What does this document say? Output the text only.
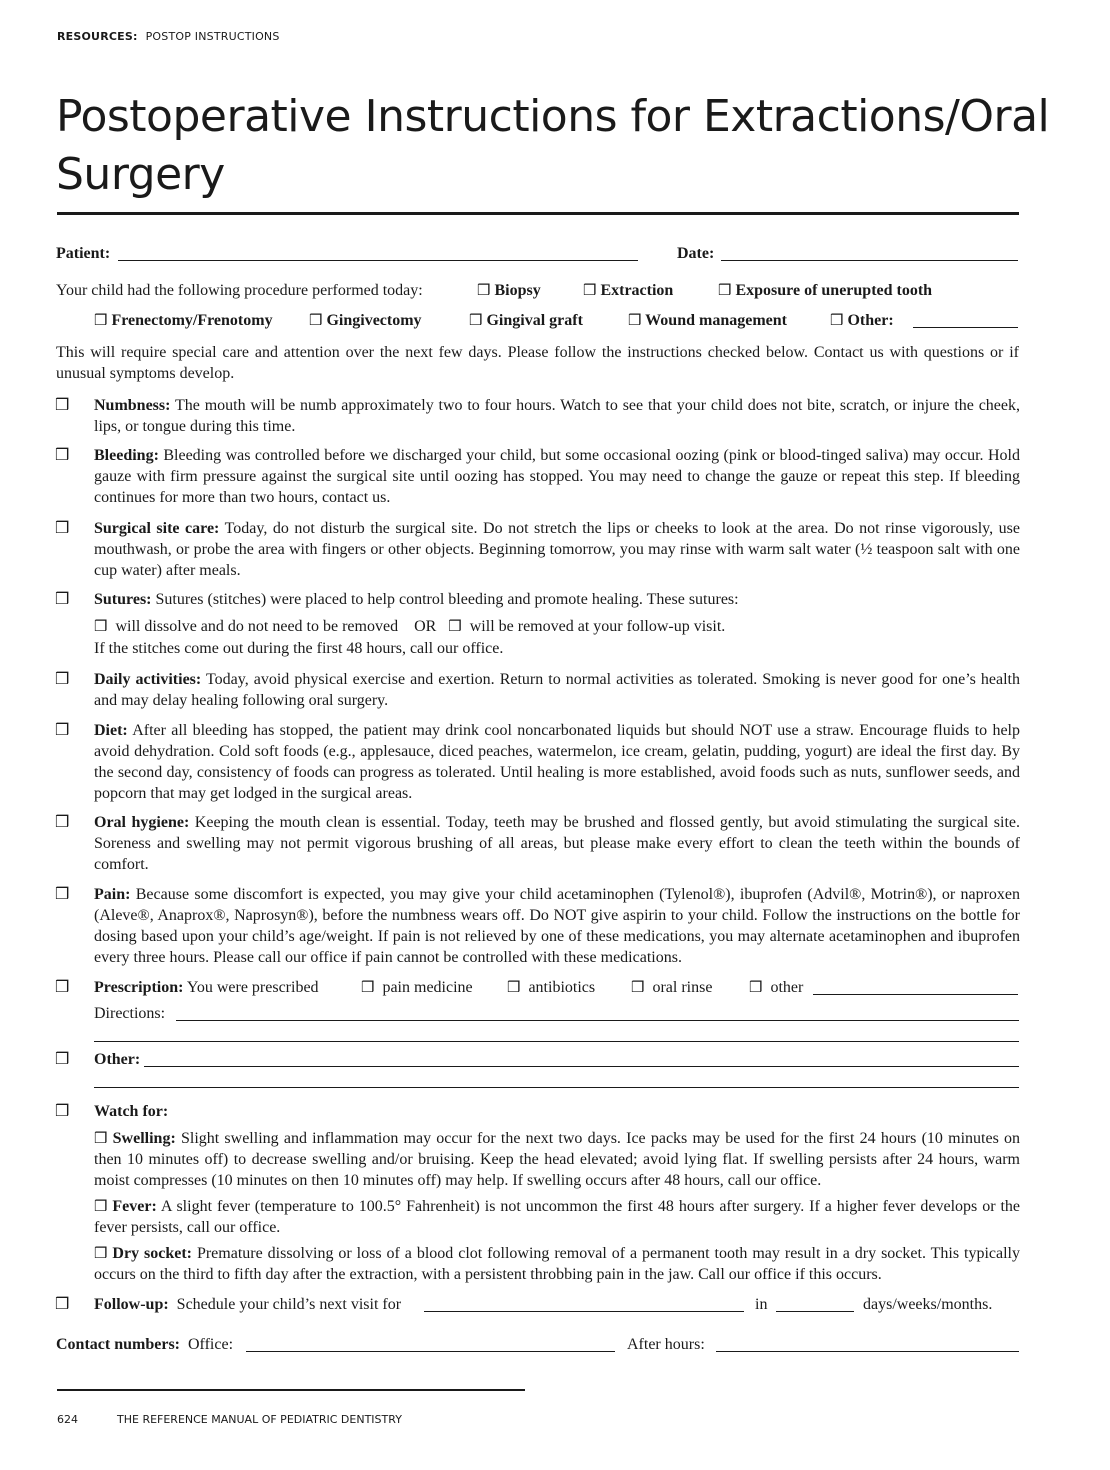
RESOURCES: POSTOP INSTRUCTIONS
Postoperative Instructions for Extractions/Oral Surgery
Patient:	Date:
Your child had the following procedure performed today:	❒ Biopsy	❒ Extraction	❒ Exposure of unerupted tooth
❒ Frenectomy/Frenotomy ❒ Gingivectomy	❒ Gingival graft	❒ Wound management	❒ Other:
This will require special care and attention over the next few days. Please follow the instructions checked below. Contact us with questions or if unusual symptoms develop.
❒ Numbness: The mouth will be numb approximately two to four hours. Watch to see that your child does not bite, scratch, or injure the cheek, lips, or tongue during this time.
❒ Bleeding: Bleeding was controlled before we discharged your child, but some occasional oozing (pink or blood-tinged saliva) may occur. Hold gauze with firm pressure against the surgical site until oozing has stopped. You may need to change the gauze or repeat this step. If bleeding continues for more than two hours, contact us.
❒ Surgical site care: Today, do not disturb the surgical site. Do not stretch the lips or cheeks to look at the area. Do not rinse vigorously, use mouthwash, or probe the area with fingers or other objects. Beginning tomorrow, you may rinse with warm salt water (½ teaspoon salt with one cup water) after meals.
❒ Sutures: Sutures (stitches) were placed to help control bleeding and promote healing. These sutures:
❒ will dissolve and do not need to be removed OR ❒ will be removed at your follow-up visit.
If the stitches come out during the first 48 hours, call our office.
❒ Daily activities: Today, avoid physical exercise and exertion. Return to normal activities as tolerated. Smoking is never good for one’s health and may delay healing following oral surgery.
❒ Diet: After all bleeding has stopped, the patient may drink cool noncarbonated liquids but should NOT use a straw. Encourage fluids to help avoid dehydration. Cold soft foods (e.g., applesauce, diced peaches, watermelon, ice cream, gelatin, pudding, yogurt) are ideal the first day. By the second day, consistency of foods can progress as tolerated. Until healing is more established, avoid foods such as nuts, sunflower seeds, and popcorn that may get lodged in the surgical areas.
❒ Oral hygiene: Keeping the mouth clean is essential. Today, teeth may be brushed and flossed gently, but avoid stimulating the surgical site. Soreness and swelling may not permit vigorous brushing of all areas, but please make every effort to clean the teeth within the bounds of comfort.
❒ Pain: Because some discomfort is expected, you may give your child acetaminophen (Tylenol®), ibuprofen (Advil®, Motrin®), or naproxen (Aleve®, Anaprox®, Naprosyn®), before the numbness wears off. Do NOT give aspirin to your child. Follow the instructions on the bottle for dosing based upon your child’s age/weight. If pain is not relieved by one of these medications, you may alternate acetaminophen and ibuprofen every three hours. Please call our office if pain cannot be controlled with these medications.
❒ Prescription: You were prescribed	❒ pain medicine ❒ antibiotics ❒ oral rinse ❒ other
Directions:
❒ Other:
❒ Watch for:
❒ Swelling: Slight swelling and inflammation may occur for the next two days. Ice packs may be used for the first 24 hours (10 minutes on then 10 minutes off) to decrease swelling and/or bruising. Keep the head elevated; avoid lying flat. If swelling persists after 24 hours, warm moist compresses (10 minutes on then 10 minutes off) may help. If swelling occurs after 48 hours, call our office.
❒ Fever: A slight fever (temperature to 100.5° Fahrenheit) is not uncommon the first 48 hours after surgery. If a higher fever develops or the fever persists, call our office.
❒ Dry socket: Premature dissolving or loss of a blood clot following removal of a permanent tooth may result in a dry socket. This typically occurs on the third to fifth day after the extraction, with a persistent throbbing pain in the jaw. Call our office if this occurs.
❒ Follow-up: Schedule your child’s next visit for	in	days/weeks/months.
Contact numbers: Office:	After hours:
624	THE REFERENCE MANUAL OF PEDIATRIC DENTISTRY
